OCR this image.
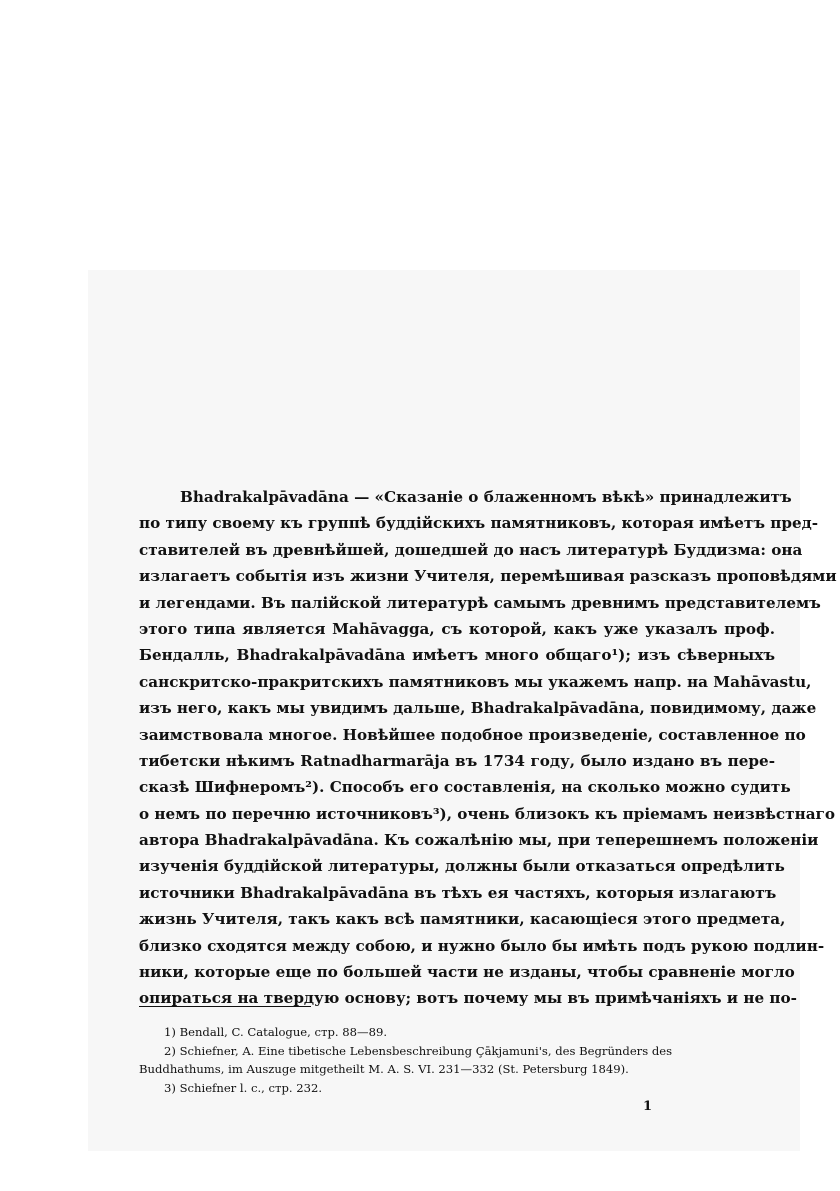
Bhadrakalpāvadāna — «Сказаніе о блаженномъ вѣкѣ» принадлежитъ
по типу своему къ группѣ буддійскихъ памятниковъ, которая имѣетъ пред-
ставителей въ древнѣйшей, дошедшей до насъ литературѣ Буддизма: она
излагаетъ событія изъ жизни Учителя, перемѣшивая разсказъ проповѣдями
и легендами. Въ палійской литературѣ самымъ древнимъ представителемъ
этого типа является Mahāvagga, съ которой, какъ уже указалъ проф.
Бендалль, Bhadrakalpāvadāna имѣетъ много общаго¹); изъ сѣверныхъ
санскритско-пракритскихъ памятниковъ мы укажемъ напр. на Mahāvastu,
изъ него, какъ мы увидимъ дальше, Bhadrakalpāvadāna, повидимому, даже
заимствовала многое. Новѣйшее подобное произведеніе, составленное по
тибетски нѣкимъ Ratnadharmarāja въ 1734 году, было издано въ пере-
сказѣ Шифнеромъ²). Способъ его составленія, на сколько можно судить
о немъ по перечню источниковъ³), очень близокъ къ пріемамъ неизвѣстнаго
автора Bhadrakalpāvadāna. Къ сожалѣнію мы, при теперешнемъ положеніи
изученія буддійской литературы, должны были отказаться опредѣлить
источники Bhadrakalpāvadāna въ тѣхъ ея частяхъ, которыя излагаютъ
жизнь Учителя, такъ какъ всѣ памятники, касающіеся этого предмета,
близко сходятся между собою, и нужно было бы имѣть подъ рукою подлин-
ники, которые еще по большей части не изданы, чтобы сравненіе могло
опираться на твердую основу; вотъ почему мы въ примѣчаніяхъ и не по-
1) Bendall, C. Catalogue, стр. 88—89.
2) Schiefner, A. Eine tibetische Lebensbeschreibung Çākjamuni's, des Begründers des
Buddhathums, im Auszuge mitgetheilt M. A. S. VI. 231—332 (St. Petersburg 1849).
3) Schiefner l. c., стр. 232.
1
